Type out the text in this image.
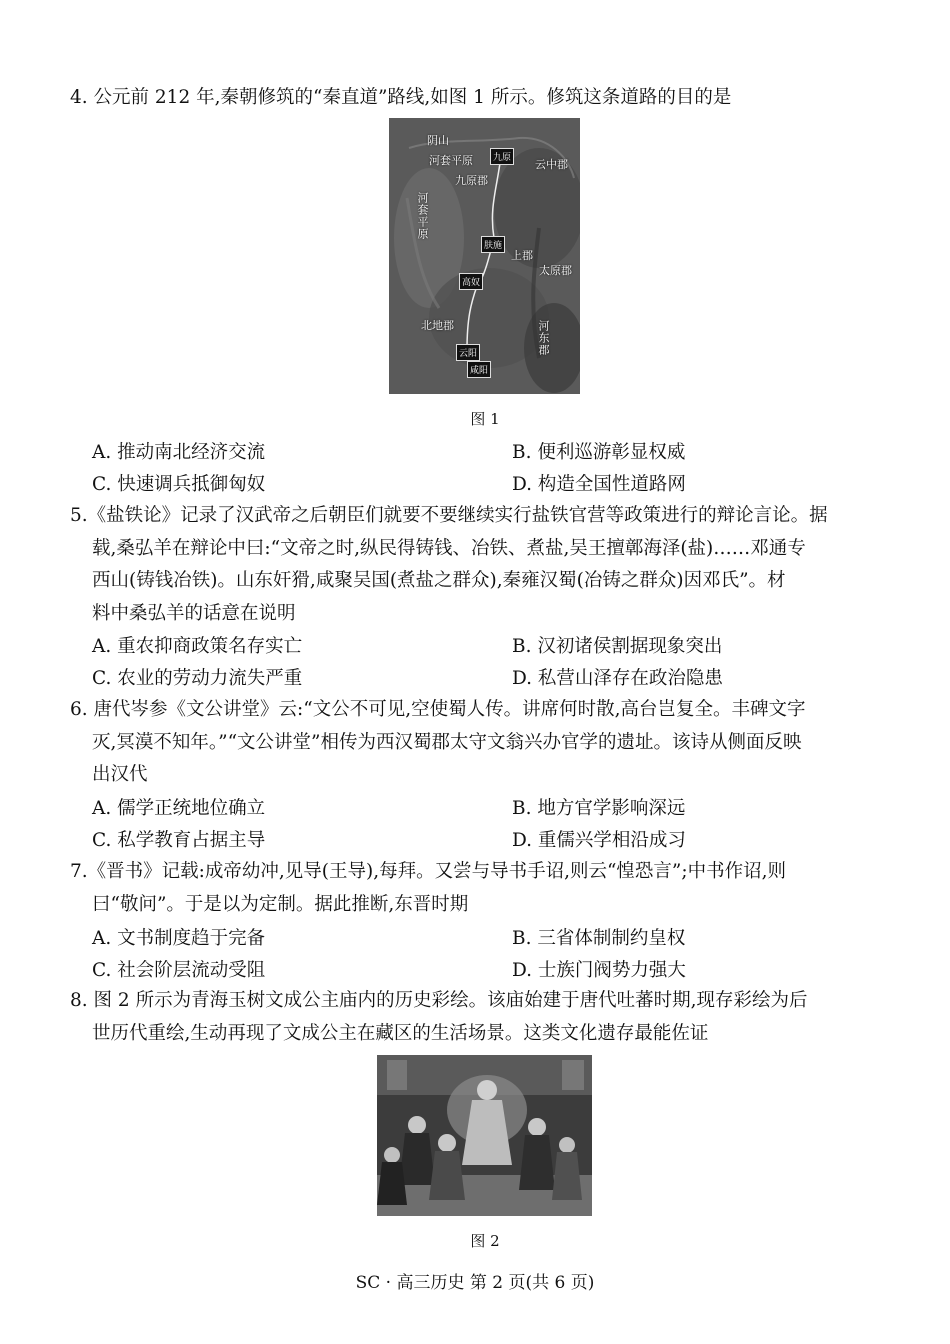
4. 公元前 212 年,秦朝修筑的“秦直道”路线,如图 1 所示。修筑这条道路的目的是

阴山
河套平原	九原 云中郡
九原郡
河套平原
肤施
上郡
太原郡
高奴
北地郡	河东郡
云阳
咸阳
图 1
A. 推动南北经济交流	B. 便利巡游彰显权威
C. 快速调兵抵御匈奴	D. 构造全国性道路网
5.《盐铁论》记录了汉武帝之后朝臣们就要不要继续实行盐铁官营等政策进行的辩论言论。据
载,桑弘羊在辩论中曰:“文帝之时,纵民得铸钱、冶铁、煮盐,吴王擅鄣海泽(盐)……邓通专
西山(铸钱冶铁)。山东奸猾,咸聚吴国(煮盐之群众),秦雍汉蜀(冶铸之群众)因邓氏”。材
料中桑弘羊的话意在说明
A. 重农抑商政策名存实亡	B. 汉初诸侯割据现象突出
C. 农业的劳动力流失严重	D. 私营山泽存在政治隐患
6. 唐代岑参《文公讲堂》云:“文公不可见,空使蜀人传。讲席何时散,高台岂复全。丰碑文字
灭,冥漠不知年。”“文公讲堂”相传为西汉蜀郡太守文翁兴办官学的遗址。该诗从侧面反映
出汉代
A. 儒学正统地位确立	B. 地方官学影响深远
C. 私学教育占据主导	D. 重儒兴学相沿成习
7.《晋书》记载:成帝幼冲,见导(王导),每拜。又尝与导书手诏,则云“惶恐言”;中书作诏,则
曰“敬问”。于是以为定制。据此推断,东晋时期
A. 文书制度趋于完备	B. 三省体制制约皇权
C. 社会阶层流动受阻	D. 士族门阀势力强大
8. 图 2 所示为青海玉树文成公主庙内的历史彩绘。该庙始建于唐代吐蕃时期,现存彩绘为后
世历代重绘,生动再现了文成公主在藏区的生活场景。这类文化遗存最能佐证
图 2
SC · 高三历史 第 2 页(共 6 页)
